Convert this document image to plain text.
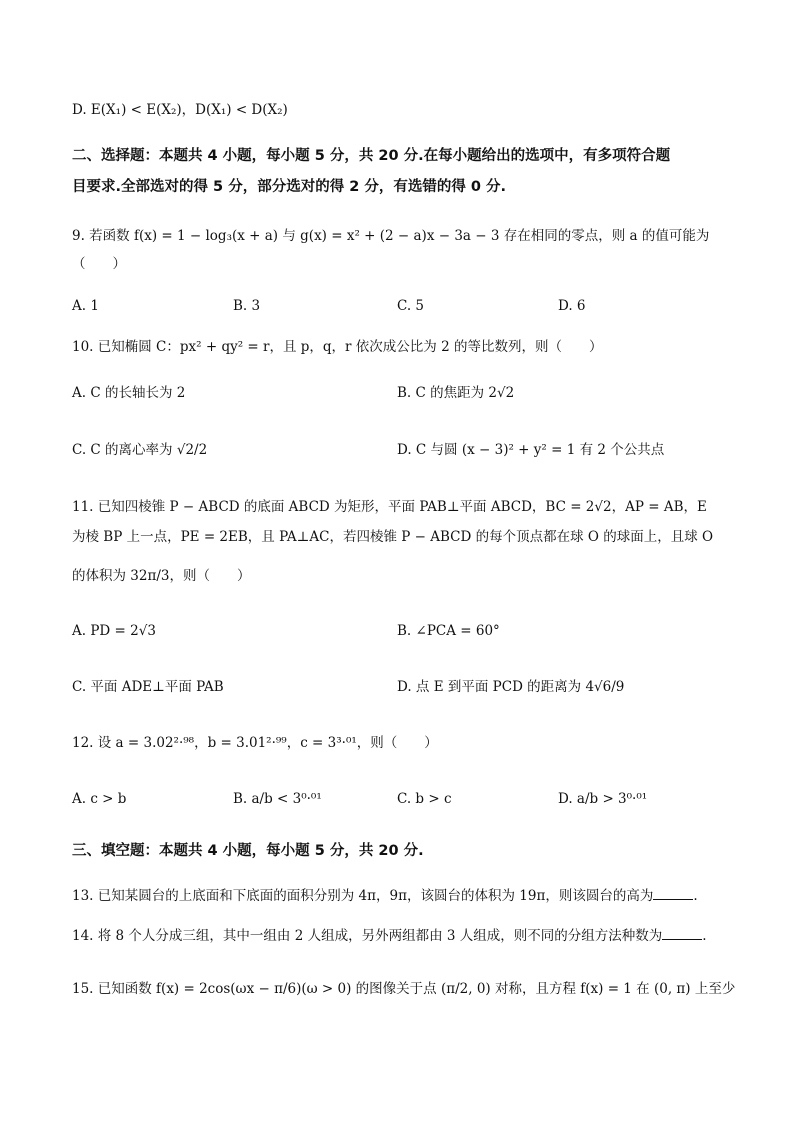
D. E(X₁) < E(X₂)，D(X₁) < D(X₂)
二、选择题：本题共 4 小题，每小题 5 分，共 20 分.在每小题给出的选项中，有多项符合题
目要求.全部选对的得 5 分，部分选对的得 2 分，有选错的得 0 分.
9. 若函数 f(x) = 1 − log₃(x + a) 与 g(x) = x² + (2 − a)x − 3a − 3 存在相同的零点，则 a 的值可能为
（　　）
A. 1	B. 3	C. 5	D. 6
10. 已知椭圆 C：px² + qy² = r，且 p，q，r 依次成公比为 2 的等比数列，则（　　）
A. C 的长轴长为 2	B. C 的焦距为 2√2
C. C 的离心率为 √2/2	D. C 与圆 (x − 3)² + y² = 1 有 2 个公共点
11. 已知四棱锥 P − ABCD 的底面 ABCD 为矩形，平面 PAB⊥平面 ABCD，BC = 2√2，AP = AB，E
为棱 BP 上一点，PE = 2EB，且 PA⊥AC，若四棱锥 P − ABCD 的每个顶点都在球 O 的球面上，且球 O
的体积为 32π/3，则（　　）
A. PD = 2√3	B. ∠PCA = 60°
C. 平面 ADE⊥平面 PAB	D. 点 E 到平面 PCD 的距离为 4√6/9
12. 设 a = 3.02²·⁹⁸，b = 3.01²·⁹⁹，c = 3³·⁰¹，则（　　）
A. c > b	B. a/b < 3⁰·⁰¹	C. b > c	D. a/b > 3⁰·⁰¹
三、填空题：本题共 4 小题，每小题 5 分，共 20 分.
13. 已知某圆台的上底面和下底面的面积分别为 4π，9π，该圆台的体积为 19π，则该圆台的高为	.
14. 将 8 个人分成三组，其中一组由 2 人组成，另外两组都由 3 人组成，则不同的分组方法种数为	.
15. 已知函数 f(x) = 2cos(ωx − π/6)(ω > 0) 的图像关于点 (π/2, 0) 对称，且方程 f(x) = 1 在 (0, π) 上至少
